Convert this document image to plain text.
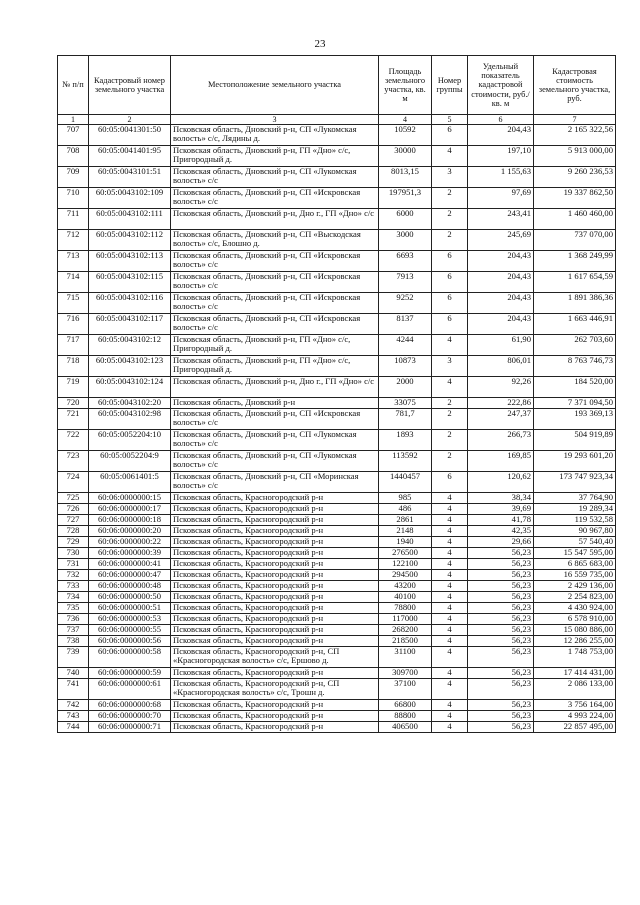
23
№ п/п	Кадастровый номер земельного участка	Местоположение земельного участка	Площадь земельного участка, кв. м	Номер группы	Удельный показатель кадастровой стоимости, руб./кв. м	Кадастровая стоимость земельного участка, руб.
1	2	3	4	5	6	7
707	60:05:0041301:50	Псковская область, Дновский р-н, СП «Лукомская волость» с/с, Лядины д.	10592	6	204,43	2 165 322,56
708	60:05:0041401:95	Псковская область, Дновский р-н, ГП «Дно» с/с, Пригородный д.	30000	4	197,10	5 913 000,00
709	60:05:0043101:51	Псковская область, Дновский р-н, СП «Лукомская волость» с/с	8013,15	3	1 155,63	9 260 236,53
710	60:05:0043102:109	Псковская область, Дновский р-н, СП «Искровская волость» с/с	197951,3	2	97,69	19 337 862,50
711	60:05:0043102:111	Псковская область, Дновский р-н, Дно г., ГП «Дно» с/с	6000	2	243,41	1 460 460,00
712	60:05:0043102:112	Псковская область, Дновский р-н, СП «Выскодская волость» с/с, Блошно д.	3000	2	245,69	737 070,00
713	60:05:0043102:113	Псковская область, Дновский р-н, СП «Искровская волость» с/с	6693	6	204,43	1 368 249,99
714	60:05:0043102:115	Псковская область, Дновский р-н, СП «Искровская волость» с/с	7913	6	204,43	1 617 654,59
715	60:05:0043102:116	Псковская область, Дновский р-н, СП «Искровская волость» с/с	9252	6	204,43	1 891 386,36
716	60:05:0043102:117	Псковская область, Дновский р-н, СП «Искровская волость» с/с	8137	6	204,43	1 663 446,91
717	60:05:0043102:12	Псковская область, Дновский р-н, ГП «Дно» с/с, Пригородный д.	4244	4	61,90	262 703,60
718	60:05:0043102:123	Псковская область, Дновский р-н, ГП «Дно» с/с, Пригородный д.	10873	3	806,01	8 763 746,73
719	60:05:0043102:124	Псковская область, Дновский р-н, Дно г., ГП «Дно» с/с	2000	4	92,26	184 520,00
720	60:05:0043102:20	Псковская область, Дновский р-н	33075	2	222,86	7 371 094,50
721	60:05:0043102:98	Псковская область, Дновский р-н, СП «Искровская волость» с/с	781,7	2	247,37	193 369,13
722	60:05:0052204:10	Псковская область, Дновский р-н, СП «Лукомская волость» с/с	1893	2	266,73	504 919,89
723	60:05:0052204:9	Псковская область, Дновский р-н, СП «Лукомская волость» с/с	113592	2	169,85	19 293 601,20
724	60:05:0061401:5	Псковская область, Дновский р-н, СП «Моринская волость» с/с	1440457	6	120,62	173 747 923,34
725	60:06:0000000:15	Псковская область, Красногородский р-н	985	4	38,34	37 764,90
726	60:06:0000000:17	Псковская область, Красногородский р-н	486	4	39,69	19 289,34
727	60:06:0000000:18	Псковская область, Красногородский р-н	2861	4	41,78	119 532,58
728	60:06:0000000:20	Псковская область, Красногородский р-н	2148	4	42,35	90 967,80
729	60:06:0000000:22	Псковская область, Красногородский р-н	1940	4	29,66	57 540,40
730	60:06:0000000:39	Псковская область, Красногородский р-н	276500	4	56,23	15 547 595,00
731	60:06:0000000:41	Псковская область, Красногородский р-н	122100	4	56,23	6 865 683,00
732	60:06:0000000:47	Псковская область, Красногородский р-н	294500	4	56,23	16 559 735,00
733	60:06:0000000:48	Псковская область, Красногородский р-н	43200	4	56,23	2 429 136,00
734	60:06:0000000:50	Псковская область, Красногородский р-н	40100	4	56,23	2 254 823,00
735	60:06:0000000:51	Псковская область, Красногородский р-н	78800	4	56,23	4 430 924,00
736	60:06:0000000:53	Псковская область, Красногородский р-н	117000	4	56,23	6 578 910,00
737	60:06:0000000:55	Псковская область, Красногородский р-н	268200	4	56,23	15 080 886,00
738	60:06:0000000:56	Псковская область, Красногородский р-н	218500	4	56,23	12 286 255,00
739	60:06:0000000:58	Псковская область, Красногородский р-н, СП «Красногородская волость» с/с, Ершово д.	31100	4	56,23	1 748 753,00
740	60:06:0000000:59	Псковская область, Красногородский р-н	309700	4	56,23	17 414 431,00
741	60:06:0000000:61	Псковская область, Красногородский р-н, СП «Красногородская волость» с/с, Трошн д.	37100	4	56,23	2 086 133,00
742	60:06:0000000:68	Псковская область, Красногородский р-н	66800	4	56,23	3 756 164,00
743	60:06:0000000:70	Псковская область, Красногородский р-н	88800	4	56,23	4 993 224,00
744	60:06:0000000:71	Псковская область, Красногородский р-н	406500	4	56,23	22 857 495,00
